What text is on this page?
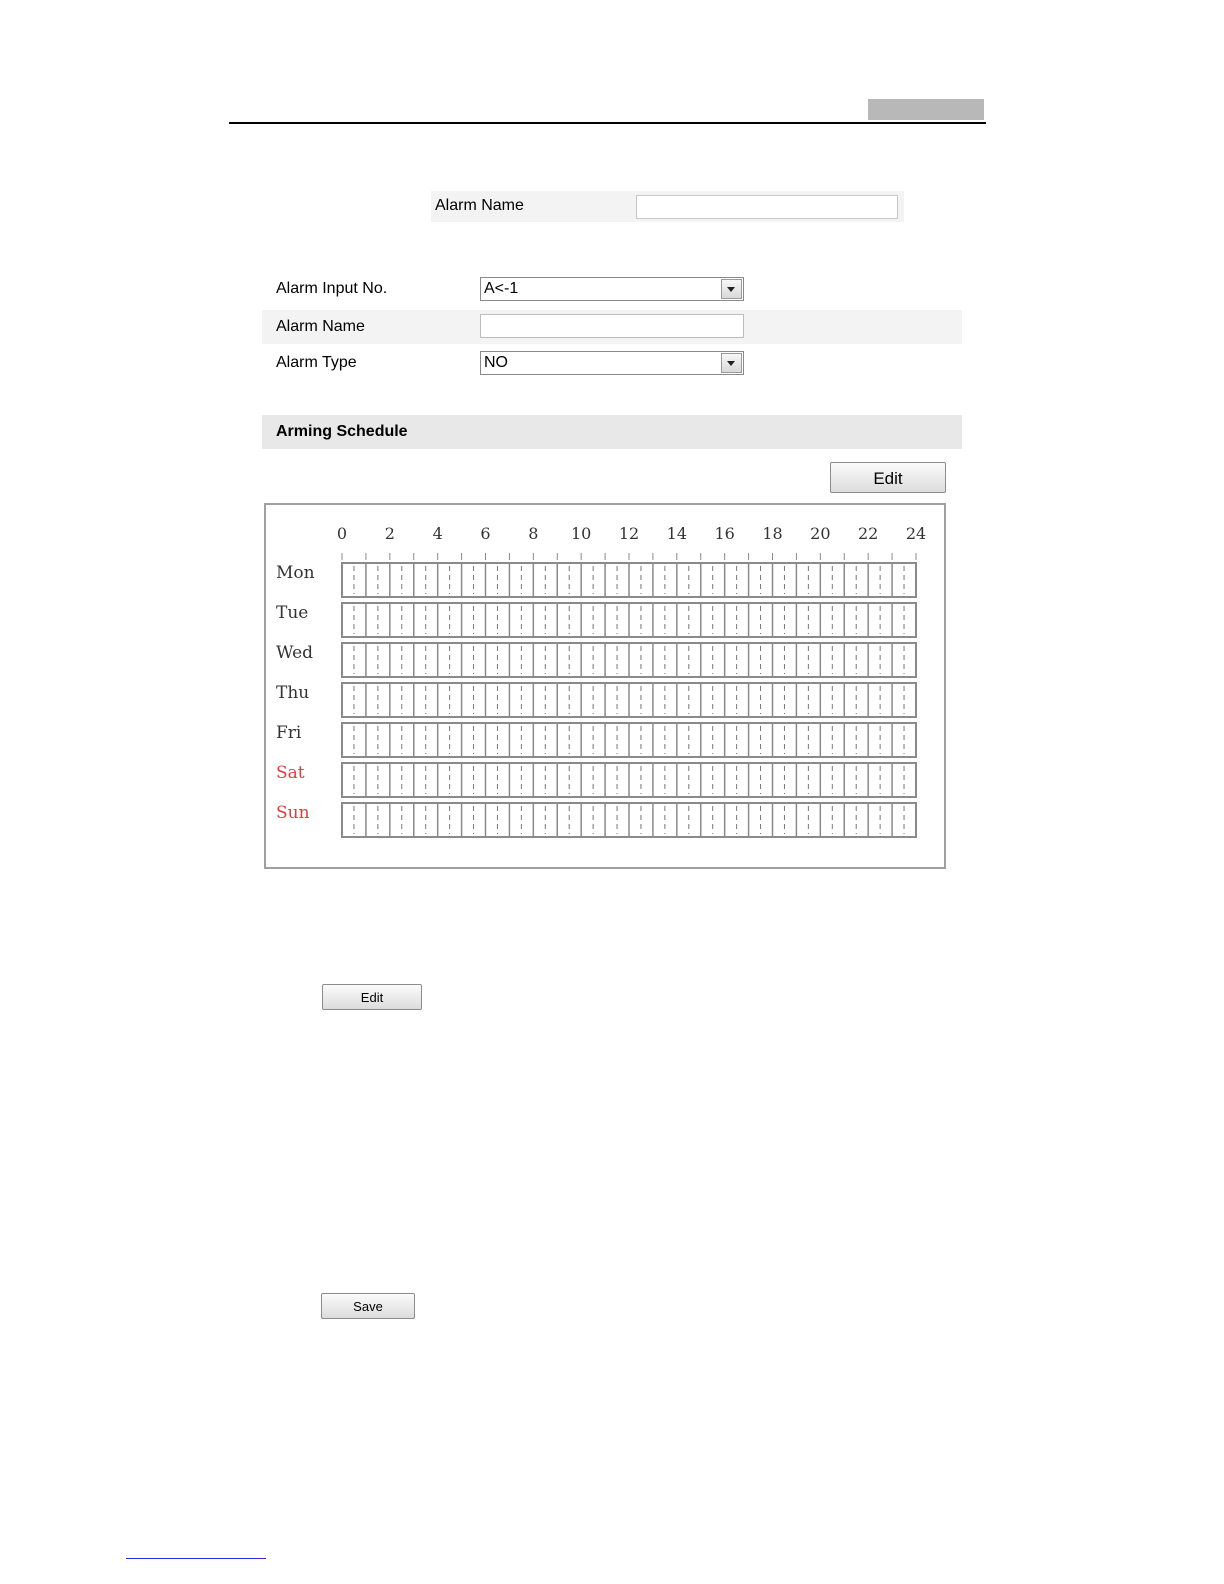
Alarm Name
Alarm Input No.	A<-1
Alarm Name
Alarm Type	NO
Arming Schedule
Edit
0 2 4 6 8 10 12 14 16 18 20 22 24
Mon
Tue
Wed
Thu
Fri
Sat
Sun
Edit
Save
